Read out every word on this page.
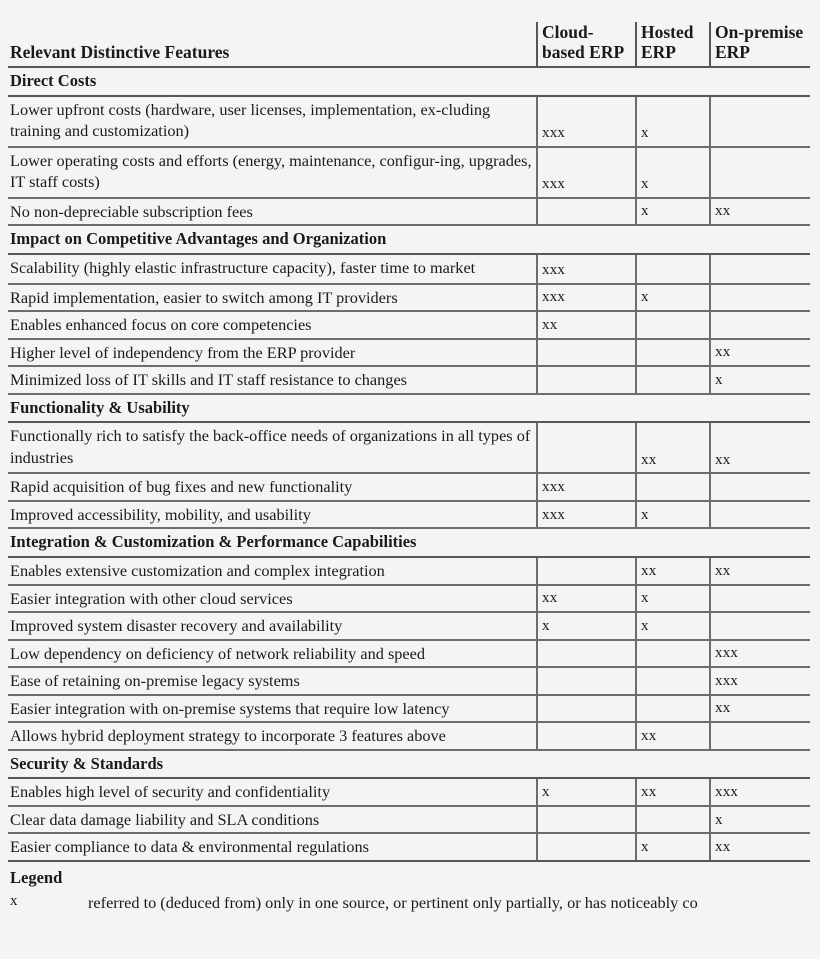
Relevant Distinctive Features	Cloud-based ERP	Hosted ERP	On-premise ERP
Direct Costs			
Lower upfront costs (hardware, user licenses, implementation, ex-cluding training and customization)	xxx	x	
Lower operating costs and efforts (energy, maintenance, configur-ing, upgrades, IT staff costs)	xxx	x	
No non-depreciable subscription fees		x	xx
Impact on Competitive Advantages and Organization			
Scalability (highly elastic infrastructure capacity), faster time to market	xxx		
Rapid implementation, easier to switch among IT providers	xxx	x	
Enables enhanced focus on core competencies	xx		
Higher level of independency from the ERP provider			xx
Minimized loss of IT skills and IT staff resistance to changes			x
Functionality & Usability			
Functionally rich to satisfy the back-office needs of organizations in all types of industries		xx	xx
Rapid acquisition of bug fixes and new functionality	xxx		
Improved accessibility, mobility, and usability	xxx	x	
Integration & Customization & Performance Capabilities			
Enables extensive customization and complex integration		xx	xx
Easier integration with other cloud services	xx	x	
Improved system disaster recovery and availability	x	x	
Low dependency on deficiency of network reliability and speed			xxx
Ease of retaining on-premise legacy systems			xxx
Easier integration with on-premise systems that require low latency			xx
Allows hybrid deployment strategy to incorporate 3 features above		xx	
Security & Standards			
Enables high level of security and confidentiality	x	xx	xxx
Clear data damage liability and SLA conditions			x
Easier compliance to data & environmental regulations		x	xx
Legend
x	referred to (deduced from) only in one source, or pertinent only partially, or has noticeably co
